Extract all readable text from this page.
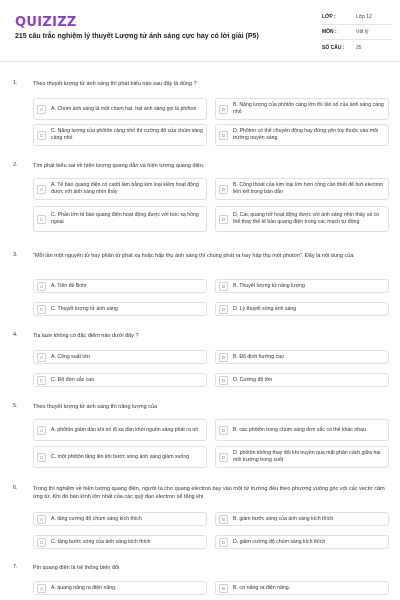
QUIZIZZ
215 câu trắc nghiệm lý thuyết Lượng tử ánh sáng cực hay có lời giải (P5)
LỚP :	Lớp 12
MÔN :	Vật lý
SỐ CÂU :	25
1.	Theo thuyết lượng tử ánh sáng thì phát biểu nào sau đây là đúng ?
A	A. Chùm ánh sáng là một chùm hạt, hạt ánh sáng gọi là phôton	B
B. Năng lượng của phôtôn càng lớn thì tần số của ánh sáng càng nhỏ
C
C. Năng lượng của phôtôn càng nhỏ thì cường độ của chùm sáng càng nhỏ	D
D. Phôton có thể chuyển động hay đứng yên tùy thuộc vào môi trường truyền sáng
2.	Tìm phát biểu sai về hiện tượng quang dẫn và hiện tượng quang điện.
A
A. Tế bào quang điện có catốt làm bằng kim loại kiềm hoạt động được với ánh sáng nhìn thấy	B
B. Công thoát của kim loại lớn hơn công cần thiết để bứt electron liên kết trong bán dẫn
C
C. Phần lớn tế bào quang điện hoạt động được với bức xạ hồng ngoại	D
D. Các quang trở hoạt động được với ánh sáng nhìn thấy và có thể thay thế tế bào quang điện trong các mạch tự động
3.	"Mỗi lần một nguyên tử hay phân tử phát xạ hoặc hấp thụ ánh sáng thì chúng phát ra hay hấp thụ một photon". Đây là nội dung của
A	A. Tiên đề Bohr	B	B. Thuyết lượng tử năng lượng
C	C. Thuyết lượng tử ánh sáng	D	D. Lý thuyết sóng ánh sáng
4.	Tia laze không có đặc điểm nào dưới đây ?
A	A. Công suất lớn	B	B. Độ định hướng cao
C	C. Độ đơn sắc cao	D	D. Cường độ lớn
5.	Theo thuyết lượng tử ánh sáng thì năng lượng của
A	A. phôtôn giảm dần khi nó đi xa dần khỏi nguồn sáng phát ra nó	B	B. các phôtôn trong chùm sáng đơn sắc có thể khác nhau
C	C. một phôtôn tăng lên khi bước sóng ánh sáng giảm xuống	D
D. phôtôn không thay đổi khi truyền qua mặt phân cách giữa hai môi trường trong suốt
6.	Trong thí nghiệm về hiện tượng quang điện, người ta cho quang electron bay vào một từ trường đều theo phương vuông góc với các vectơ cảm ứng từ. Khi đó bán kính lớn nhất của các quỹ đạo electron sẽ tăng khi
A	A. tăng cường độ chùm sáng kích thích	B	B. giảm bước sóng của ánh sáng kích thích
C	C. tăng bước sóng của ánh sáng kích thích	D	D. giảm cường độ chùm sáng kích thích
7.	Pin quang điện là hệ thống biến đổi
A	A. quang năng ra điện năng.	B	B. cơ năng ra điện năng.
